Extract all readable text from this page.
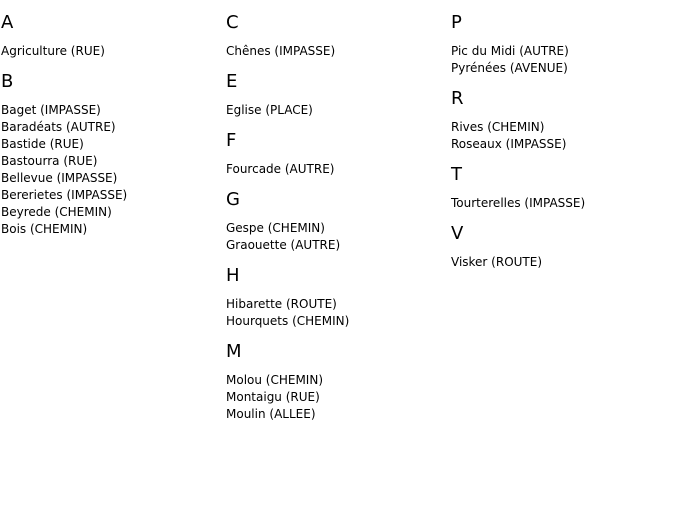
A
Agriculture (RUE)
B
Baget (IMPASSE)
Baradéats (AUTRE)
Bastide (RUE)
Bastourra (RUE)
Bellevue (IMPASSE)
Bererietes (IMPASSE)
Beyrede (CHEMIN)
Bois (CHEMIN)
C
Chênes (IMPASSE)
E
Eglise (PLACE)
F
Fourcade (AUTRE)
G
Gespe (CHEMIN)
Graouette (AUTRE)
H
Hibarette (ROUTE)
Hourquets (CHEMIN)
M
Molou (CHEMIN)
Montaigu (RUE)
Moulin (ALLEE)
P
Pic du Midi (AUTRE)
Pyrénées (AVENUE)
R
Rives (CHEMIN)
Roseaux (IMPASSE)
T
Tourterelles (IMPASSE)
V
Visker (ROUTE)
